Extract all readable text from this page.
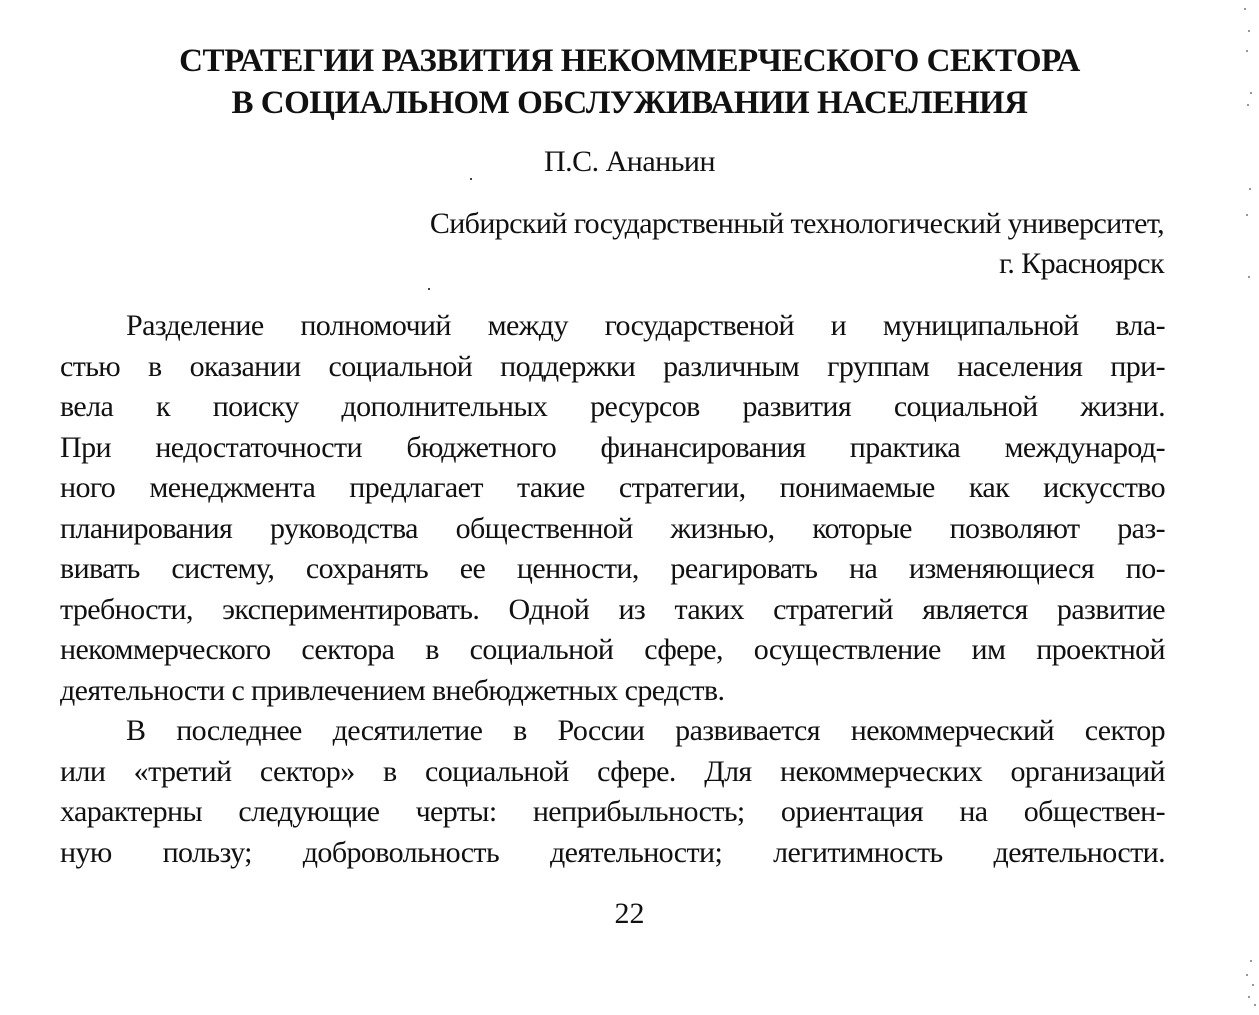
СТРАТЕГИИ РАЗВИТИЯ НЕКОММЕРЧЕСКОГО СЕКТОРА
В СОЦИАЛЬНОМ ОБСЛУЖИВАНИИ НАСЕЛЕНИЯ
П.С. Ананьин
Сибирский государственный технологический университет,
г. Красноярск
Разделение полномочий между государственой и муниципальной вла-
стью в оказании социальной поддержки различным группам населения при-
вела к поиску дополнительных ресурсов развития социальной жизни.
При недостаточности бюджетного финансирования практика международ-
ного менеджмента предлагает такие стратегии, понимаемые как искусство
планирования руководства общественной жизнью, которые позволяют раз-
вивать систему, сохранять ее ценности, реагировать на изменяющиеся по-
требности, экспериментировать. Одной из таких стратегий является развитие
некоммерческого сектора в социальной сфере, осуществление им проектной
деятельности с привлечением внебюджетных средств.
В последнее десятилетие в России развивается некоммерческий сектор
или «третий сектор» в социальной сфере. Для некоммерческих организаций
характерны следующие черты: неприбыльность; ориентация на обществен-
ную пользу; добровольность деятельности; легитимность деятельности.
22
